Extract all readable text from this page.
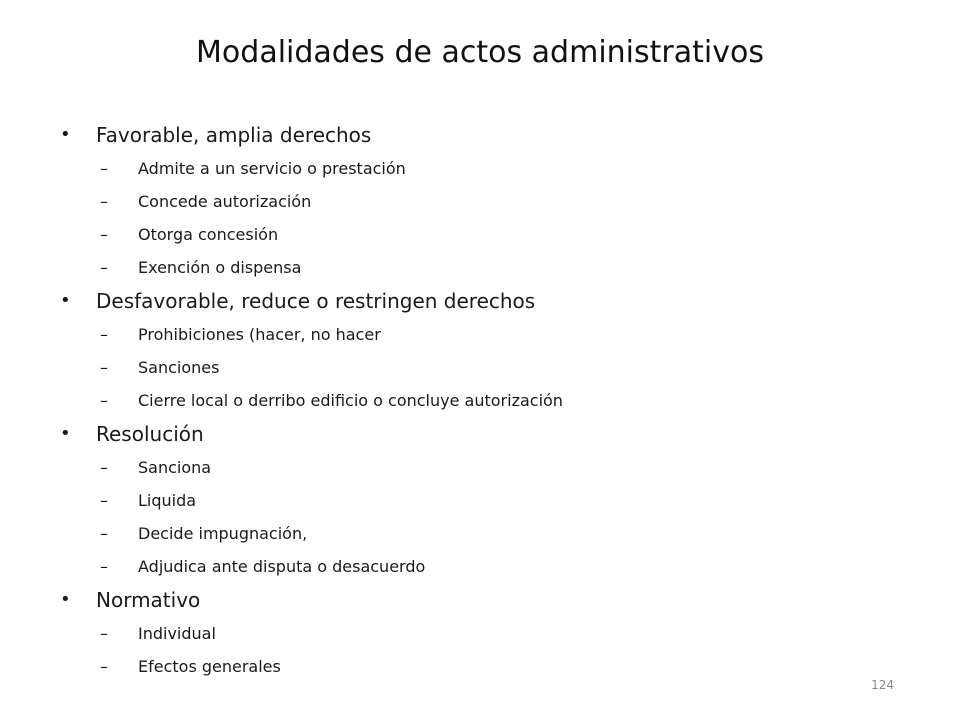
Modalidades de actos administrativos
•	Favorable, amplia derechos
–	Admite a un servicio o prestación
–	Concede autorización
–	Otorga concesión
–	Exención o dispensa
•	Desfavorable, reduce o restringen derechos
–	Prohibiciones (hacer, no hacer
–	Sanciones
–	Cierre local o derribo edificio o concluye autorización
•	Resolución
–	Sanciona
–	Liquida
–	Decide impugnación,
–	Adjudica ante disputa o desacuerdo
•	Normativo
–	Individual
–	Efectos generales
124
